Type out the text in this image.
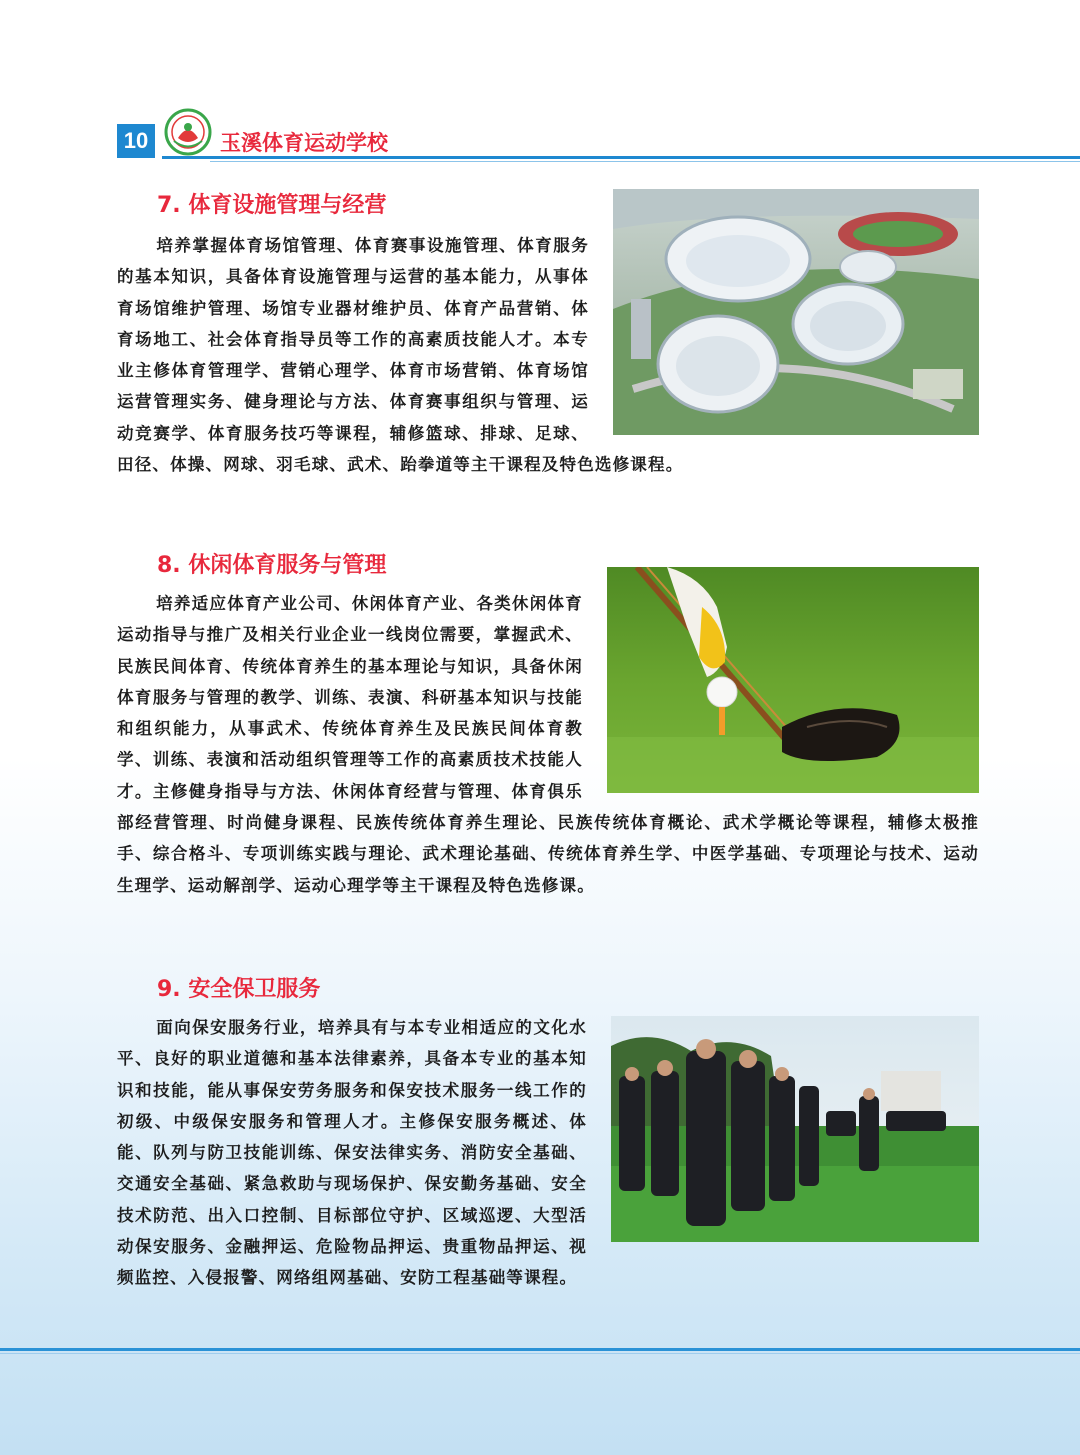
10	玉溪体育运动学校
7. 体育设施管理与经营
培养掌握体育场馆管理、体育赛事设施管理、体育服务的基本知识，具备体育设施管理与运营的基本能力，从事体育场馆维护管理、场馆专业器材维护员、体育产品营销、体育场地工、社会体育指导员等工作的高素质技能人才。本专业主修体育管理学、营销心理学、体育市场营销、体育场馆运营管理实务、健身理论与方法、体育赛事组织与管理、运动竞赛学、体育服务技巧等课程，辅修篮球、排球、足球、田径、体操、网球、羽毛球、武术、跆拳道等主干课程及特色选修课程。
8. 休闲体育服务与管理
培养适应体育产业公司、休闲体育产业、各类休闲体育运动指导与推广及相关行业企业一线岗位需要，掌握武术、民族民间体育、传统体育养生的基本理论与知识，具备休闲体育服务与管理的教学、训练、表演、科研基本知识与技能和组织能力，从事武术、传统体育养生及民族民间体育教学、训练、表演和活动组织管理等工作的高素质技术技能人才。主修健身指导与方法、休闲体育经营与管理、体育俱乐部经营管理、时尚健身课程、民族传统体育养生理论、民族传统体育概论、武术学概论等课程，辅修太极推手、综合格斗、专项训练实践与理论、武术理论基础、传统体育养生学、中医学基础、专项理论与技术、运动生理学、运动解剖学、运动心理学等主干课程及特色选修课。
9. 安全保卫服务
面向保安服务行业，培养具有与本专业相适应的文化水平、良好的职业道德和基本法律素养，具备本专业的基本知识和技能，能从事保安劳务服务和保安技术服务一线工作的初级、中级保安服务和管理人才。主修保安服务概述、体能、队列与防卫技能训练、保安法律实务、消防安全基础、交通安全基础、紧急救助与现场保护、保安勤务基础、安全技术防范、出入口控制、目标部位守护、区域巡逻、大型活动保安服务、金融押运、危险物品押运、贵重物品押运、视频监控、入侵报警、网络组网基础、安防工程基础等课程。
